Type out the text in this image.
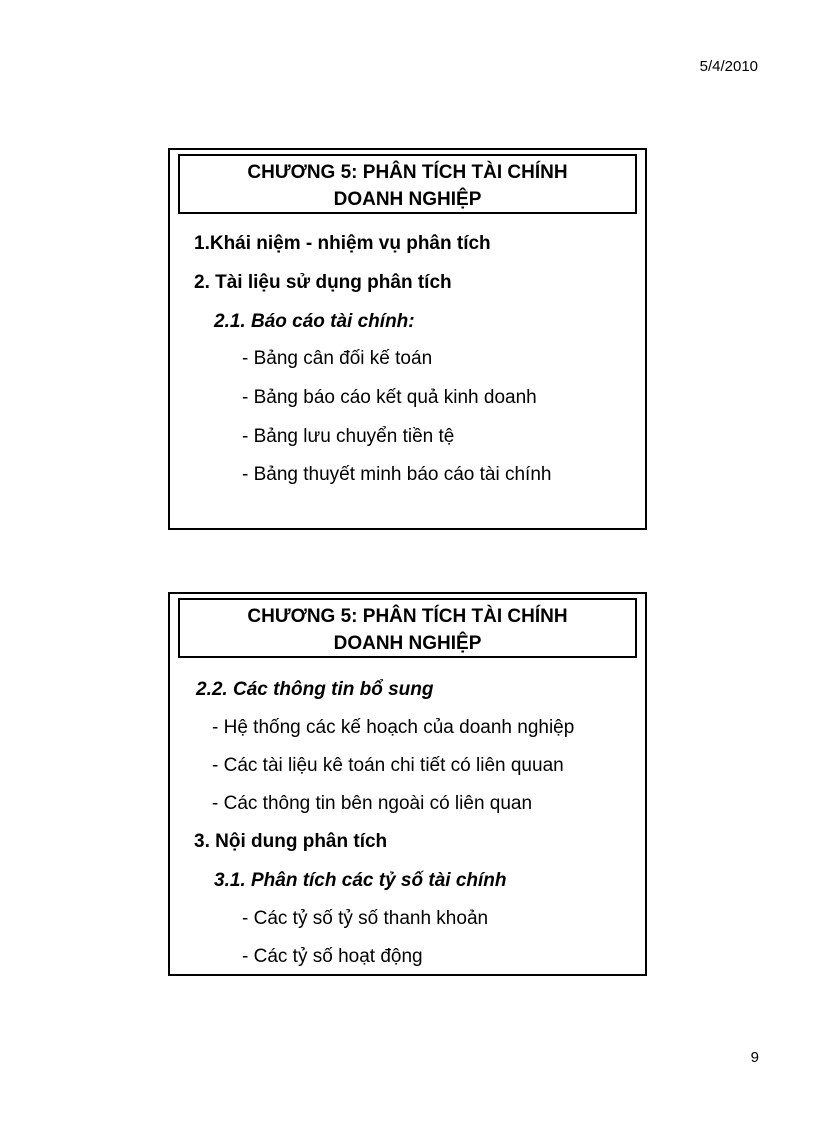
5/4/2010
CHƯƠNG 5: PHÂN TÍCH TÀI CHÍNH
DOANH NGHIỆP
1.Khái niệm - nhiệm vụ phân tích
2. Tài liệu sử dụng phân tích
2.1. Báo cáo tài chính:
- Bảng cân đối kế toán
- Bảng báo cáo kết quả kinh doanh
- Bảng lưu chuyển tiền tệ
- Bảng thuyết minh báo cáo tài chính
CHƯƠNG 5: PHÂN TÍCH TÀI CHÍNH
DOANH NGHIỆP
2.2. Các thông tin bổ sung
- Hệ thống các kế hoạch của doanh nghiệp
- Các tài liệu kê toán chi tiết có liên quuan
- Các thông tin bên ngoài có liên quan
3. Nội dung phân tích
3.1. Phân tích các tỷ số tài chính
- Các tỷ số tỷ số thanh khoản
- Các tỷ số hoạt động
9
